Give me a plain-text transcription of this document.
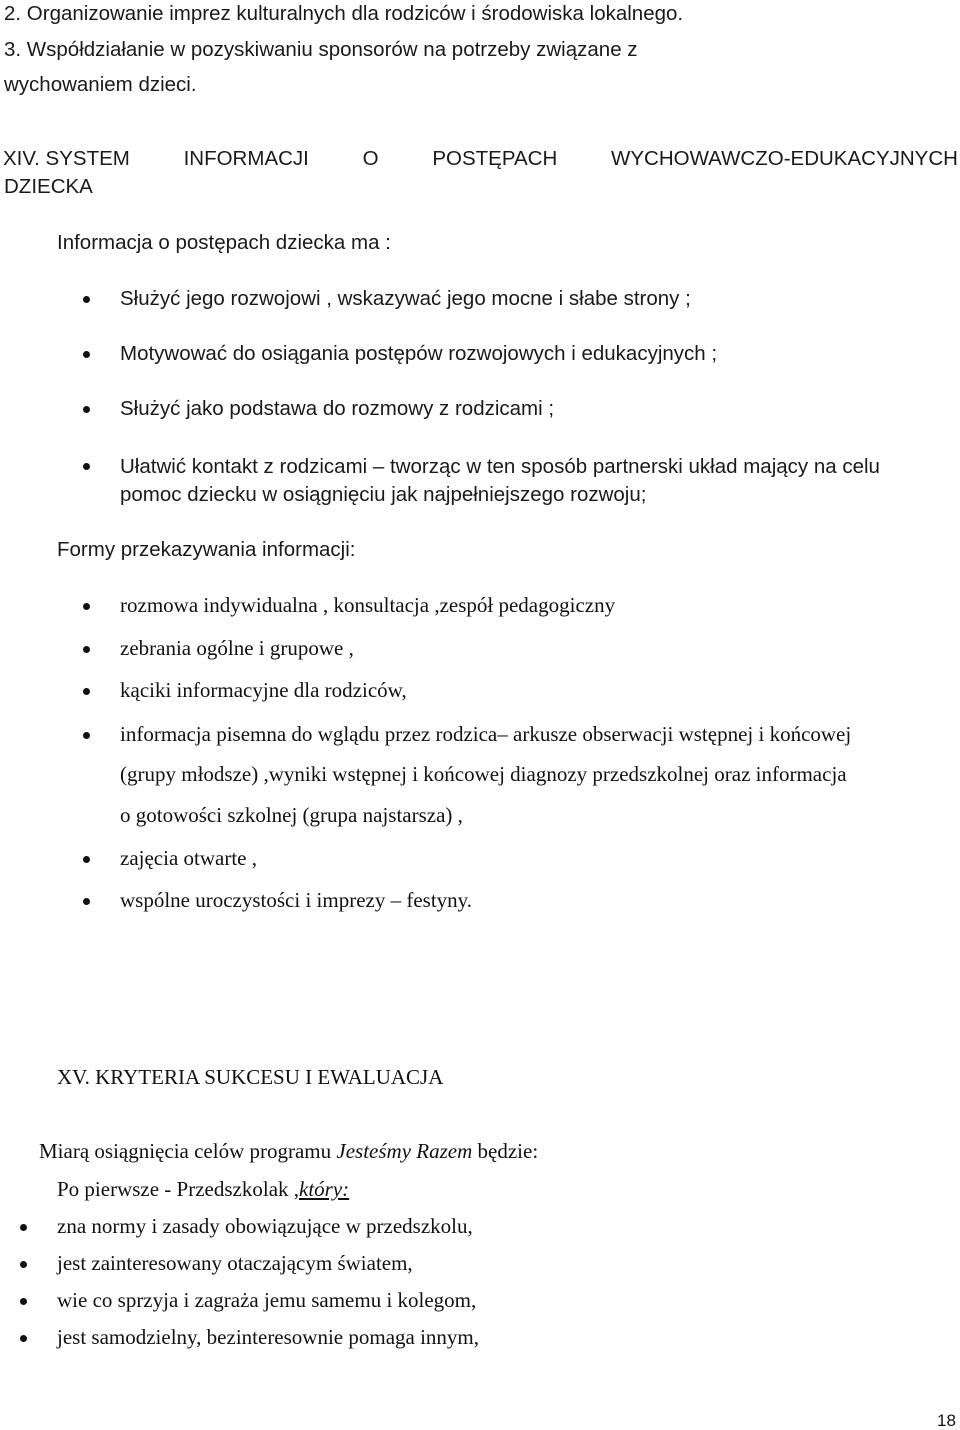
2. Organizowanie imprez kulturalnych dla rodziców i środowiska lokalnego.
3. Współdziałanie w pozyskiwaniu sponsorów na potrzeby związane z
wychowaniem dzieci.
XIV. SYSTEM	INFORMACJI	O	POSTĘPACH	WYCHOWAWCZO-EDUKACYJNYCH
DZIECKA
Informacja o postępach dziecka ma :
Służyć jego rozwojowi , wskazywać jego mocne i słabe strony ;
Motywować do osiągania postępów rozwojowych i edukacyjnych ;
Służyć jako podstawa do rozmowy z rodzicami ;
Ułatwić kontakt z rodzicami – tworząc w ten sposób partnerski układ mający na celu
pomoc dziecku w osiągnięciu jak najpełniejszego rozwoju;
Formy przekazywania informacji:
rozmowa indywidualna , konsultacja ,zespół pedagogiczny
zebrania ogólne i grupowe ,
kąciki informacyjne dla rodziców,
informacja pisemna do wglądu przez rodzica– arkusze obserwacji wstępnej i końcowej
(grupy młodsze) ,wyniki wstępnej i końcowej diagnozy przedszkolnej oraz informacja
o gotowości szkolnej (grupa najstarsza) ,
zajęcia otwarte ,
wspólne uroczystości i imprezy – festyny.
XV. KRYTERIA SUKCESU I EWALUACJA
Miarą osiągnięcia celów programu Jesteśmy Razem będzie:
Po pierwsze - Przedszkolak ,który:
zna normy i zasady obowiązujące w przedszkolu,
jest zainteresowany otaczającym światem,
wie co sprzyja i zagraża jemu samemu i kolegom,
jest samodzielny, bezinteresownie pomaga innym,
18
